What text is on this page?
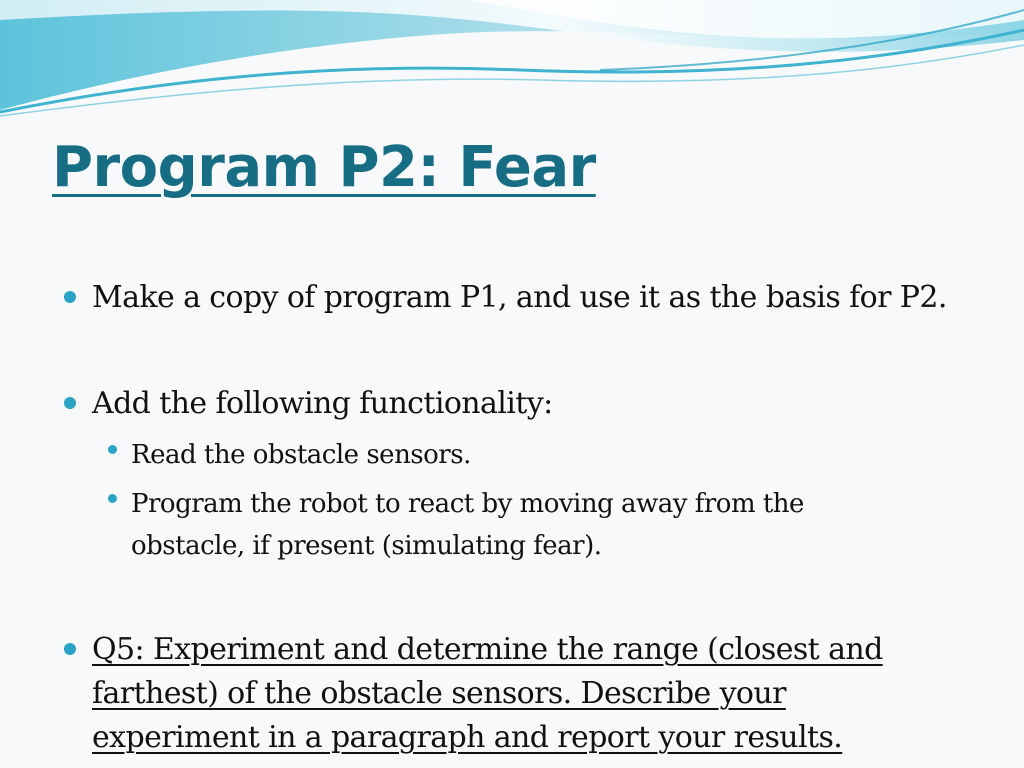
Program P2: Fear
Make a copy of program P1, and use it as the basis for P2.
Add the following functionality:
Read the obstacle sensors.
Program the robot to react by moving away from the
obstacle, if present (simulating fear).
Q5: Experiment and determine the range (closest and
farthest) of the obstacle sensors. Describe your
experiment in a paragraph and report your results.
